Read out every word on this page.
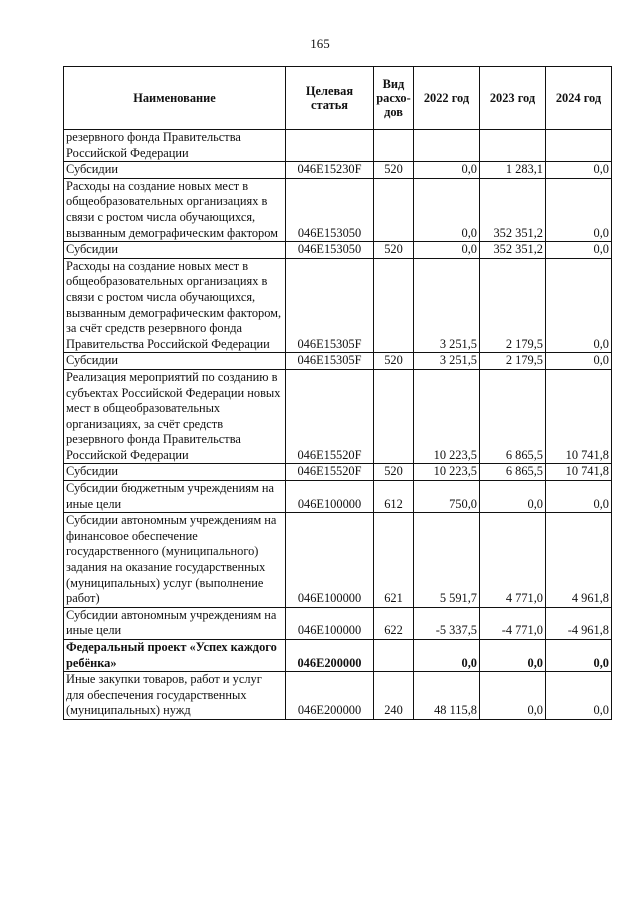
165
Наименование	Целевая статья	Вид расхо-дов	2022 год	2023 год	2024 год
резервного фонда Правительства Российской Федерации					
Субсидии	046E15230F	520	0,0	1 283,1	0,0
Расходы на создание новых мест в общеобразовательных организациях в связи с ростом числа обучающихся, вызванным демографическим фактором	046E153050		0,0	352 351,2	0,0
Субсидии	046E153050	520	0,0	352 351,2	0,0
Расходы на создание новых мест в общеобразовательных организациях в связи с ростом числа обучающихся, вызванным демографическим фактором, за счёт средств резервного фонда Правительства Российской Федерации	046E15305F		3 251,5	2 179,5	0,0
Субсидии	046E15305F	520	3 251,5	2 179,5	0,0
Реализация мероприятий по созданию в субъектах Российской Федерации новых мест в общеобразовательных организациях, за счёт средств резервного фонда Правительства Российской Федерации	046E15520F		10 223,5	6 865,5	10 741,8
Субсидии	046E15520F	520	10 223,5	6 865,5	10 741,8
Субсидии бюджетным учреждениям на иные цели	046E100000	612	750,0	0,0	0,0
Субсидии автономным учреждениям на финансовое обеспечение государственного (муниципального) задания на оказание государственных (муниципальных) услуг (выполнение работ)	046E100000	621	5 591,7	4 771,0	4 961,8
Субсидии автономным учреждениям на иные цели	046E100000	622	-5 337,5	-4 771,0	-4 961,8
Федеральный проект «Успех каждого ребёнка»	046E200000		0,0	0,0	0,0
Иные закупки товаров, работ и услуг для обеспечения государственных (муниципальных) нужд	046E200000	240	48 115,8	0,0	0,0
